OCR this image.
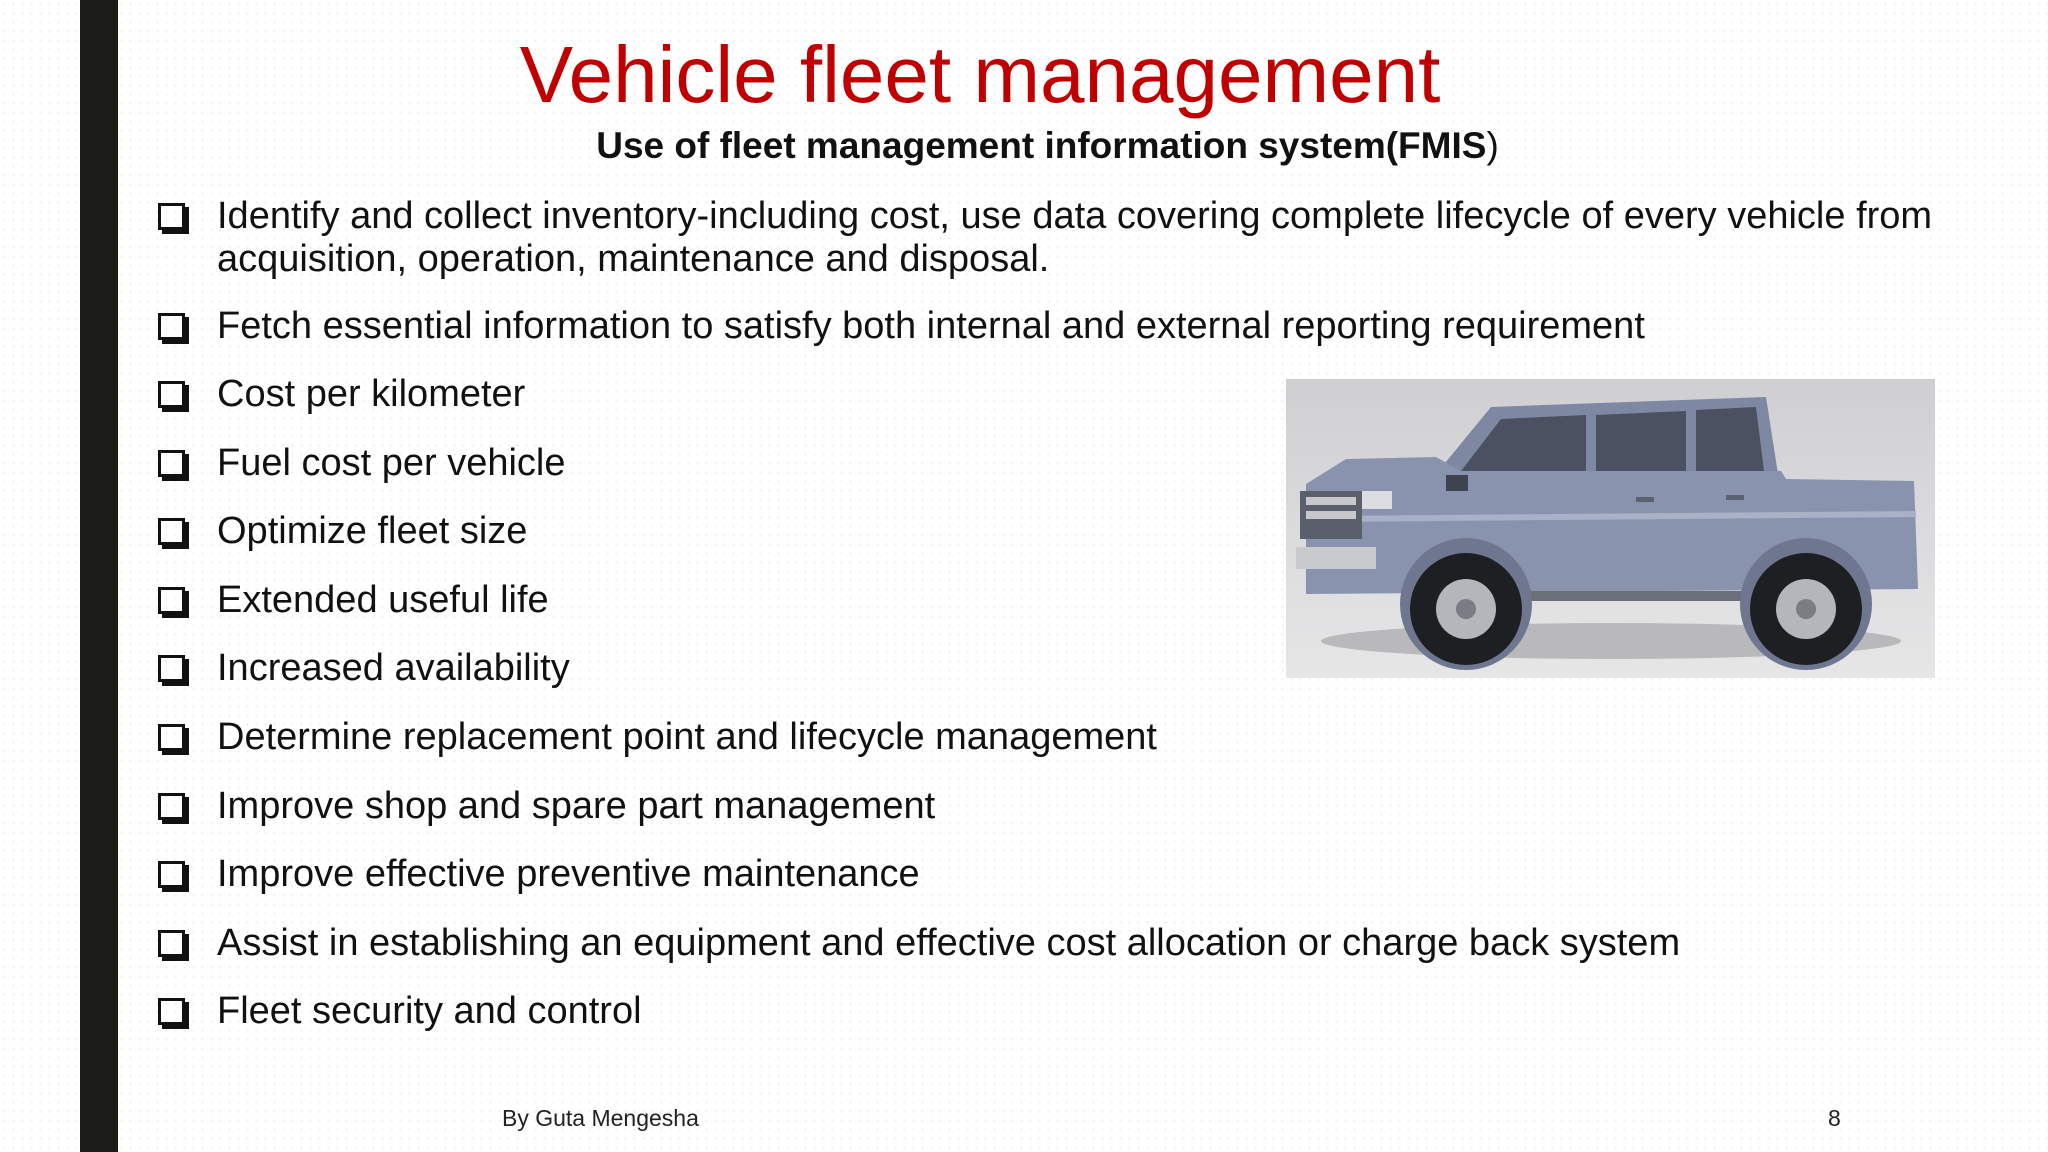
Vehicle fleet management
Use of fleet management information system(FMIS)
Identify and collect inventory-including cost, use data covering complete lifecycle of every vehicle from acquisition, operation, maintenance and disposal.
Fetch essential information to satisfy both internal and external reporting requirement
Cost per kilometer
Fuel cost per vehicle
Optimize fleet size
Extended useful life
Increased availability
Determine replacement point and lifecycle management
Improve shop and spare part management
Improve effective preventive maintenance
Assist in establishing an equipment and effective cost allocation or charge back system
Fleet security and control
By Guta Mengesha	8
